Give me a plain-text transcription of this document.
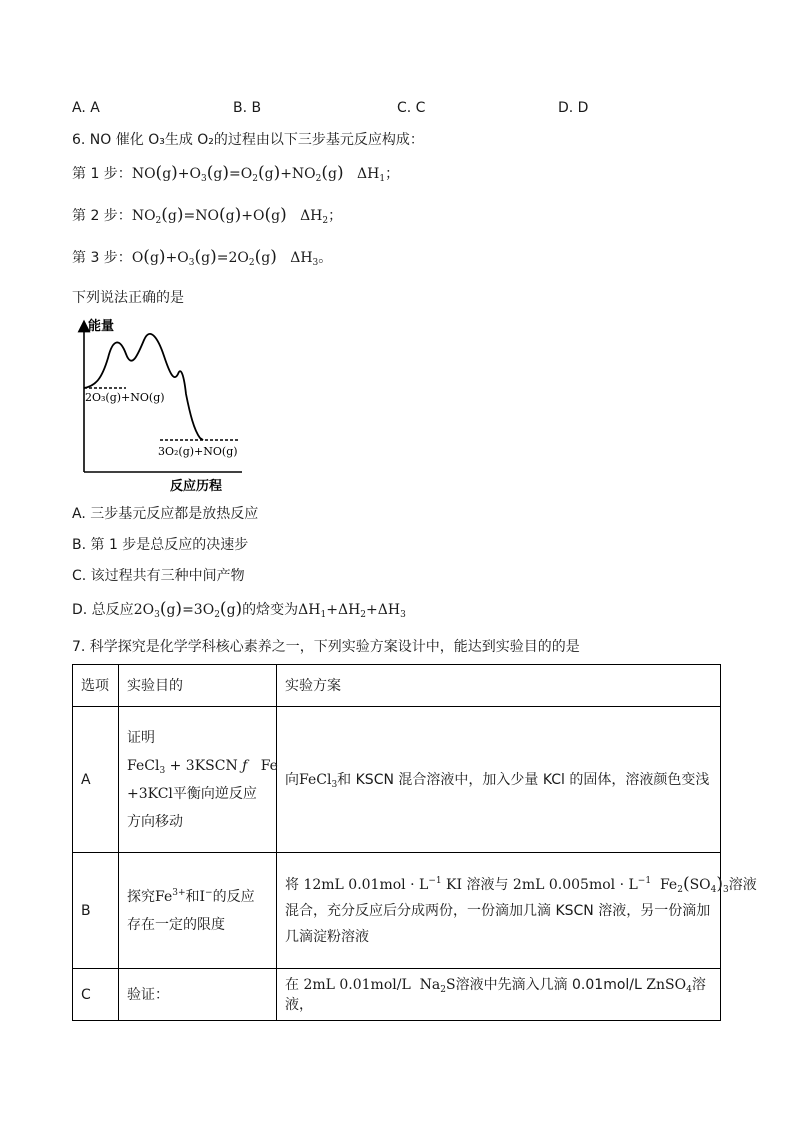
A. A	B. B	C. C	D. D
6. NO 催化 O₃生成 O₂的过程由以下三步基元反应构成：
第 1 步：$NO(g)+O_3(g)=O_2(g)+NO_2(g)$   $\Delta H_1$；
第 2 步：$NO_2(g)=NO(g)+O(g)$   $\Delta H_2$；
第 3 步：$O(g)+O_3(g)=2O_2(g)$   $\Delta H_3$。
下列说法正确的是
能量
2O₃(g)+NO(g)
3O₂(g)+NO(g)
反应历程
A. 三步基元反应都是放热反应
B. 第 1 步是总反应的决速步
C. 该过程共有三种中间产物
D. 总反应$2O_3(g)=3O_2(g)$的焓变为$\Delta H_1+\Delta H_2+\Delta H_3$
7. 科学探究是化学学科核心素养之一，下列实验方案设计中，能达到实验目的的是
选项	实验目的	实验方案
A	证明
FeCl$_3$ + 3KSCN ƒ   Fe
+3KCl平衡向逆反应
方向移动	向FeCl$_3$和 KSCN 混合溶液中，加入少量 KCl 的固体，溶液颜色变浅
B	探究$Fe^{3+}$和I−的反应
存在一定的限度	将 12mL $0.01mol \cdot L^{-1}$ KI 溶液与 2mL $0.005mol \cdot L^{-1}$  $Fe_2(SO_4)_3$溶液
混合，充分反应后分成两份，一份滴加几滴 KSCN 溶液，另一份滴加
几滴淀粉溶液

C	验证：	在 2mL 0.01mol/L  $Na_2S$溶液中先滴入几滴 0.01mol/L ZnSO$_4$溶液，
